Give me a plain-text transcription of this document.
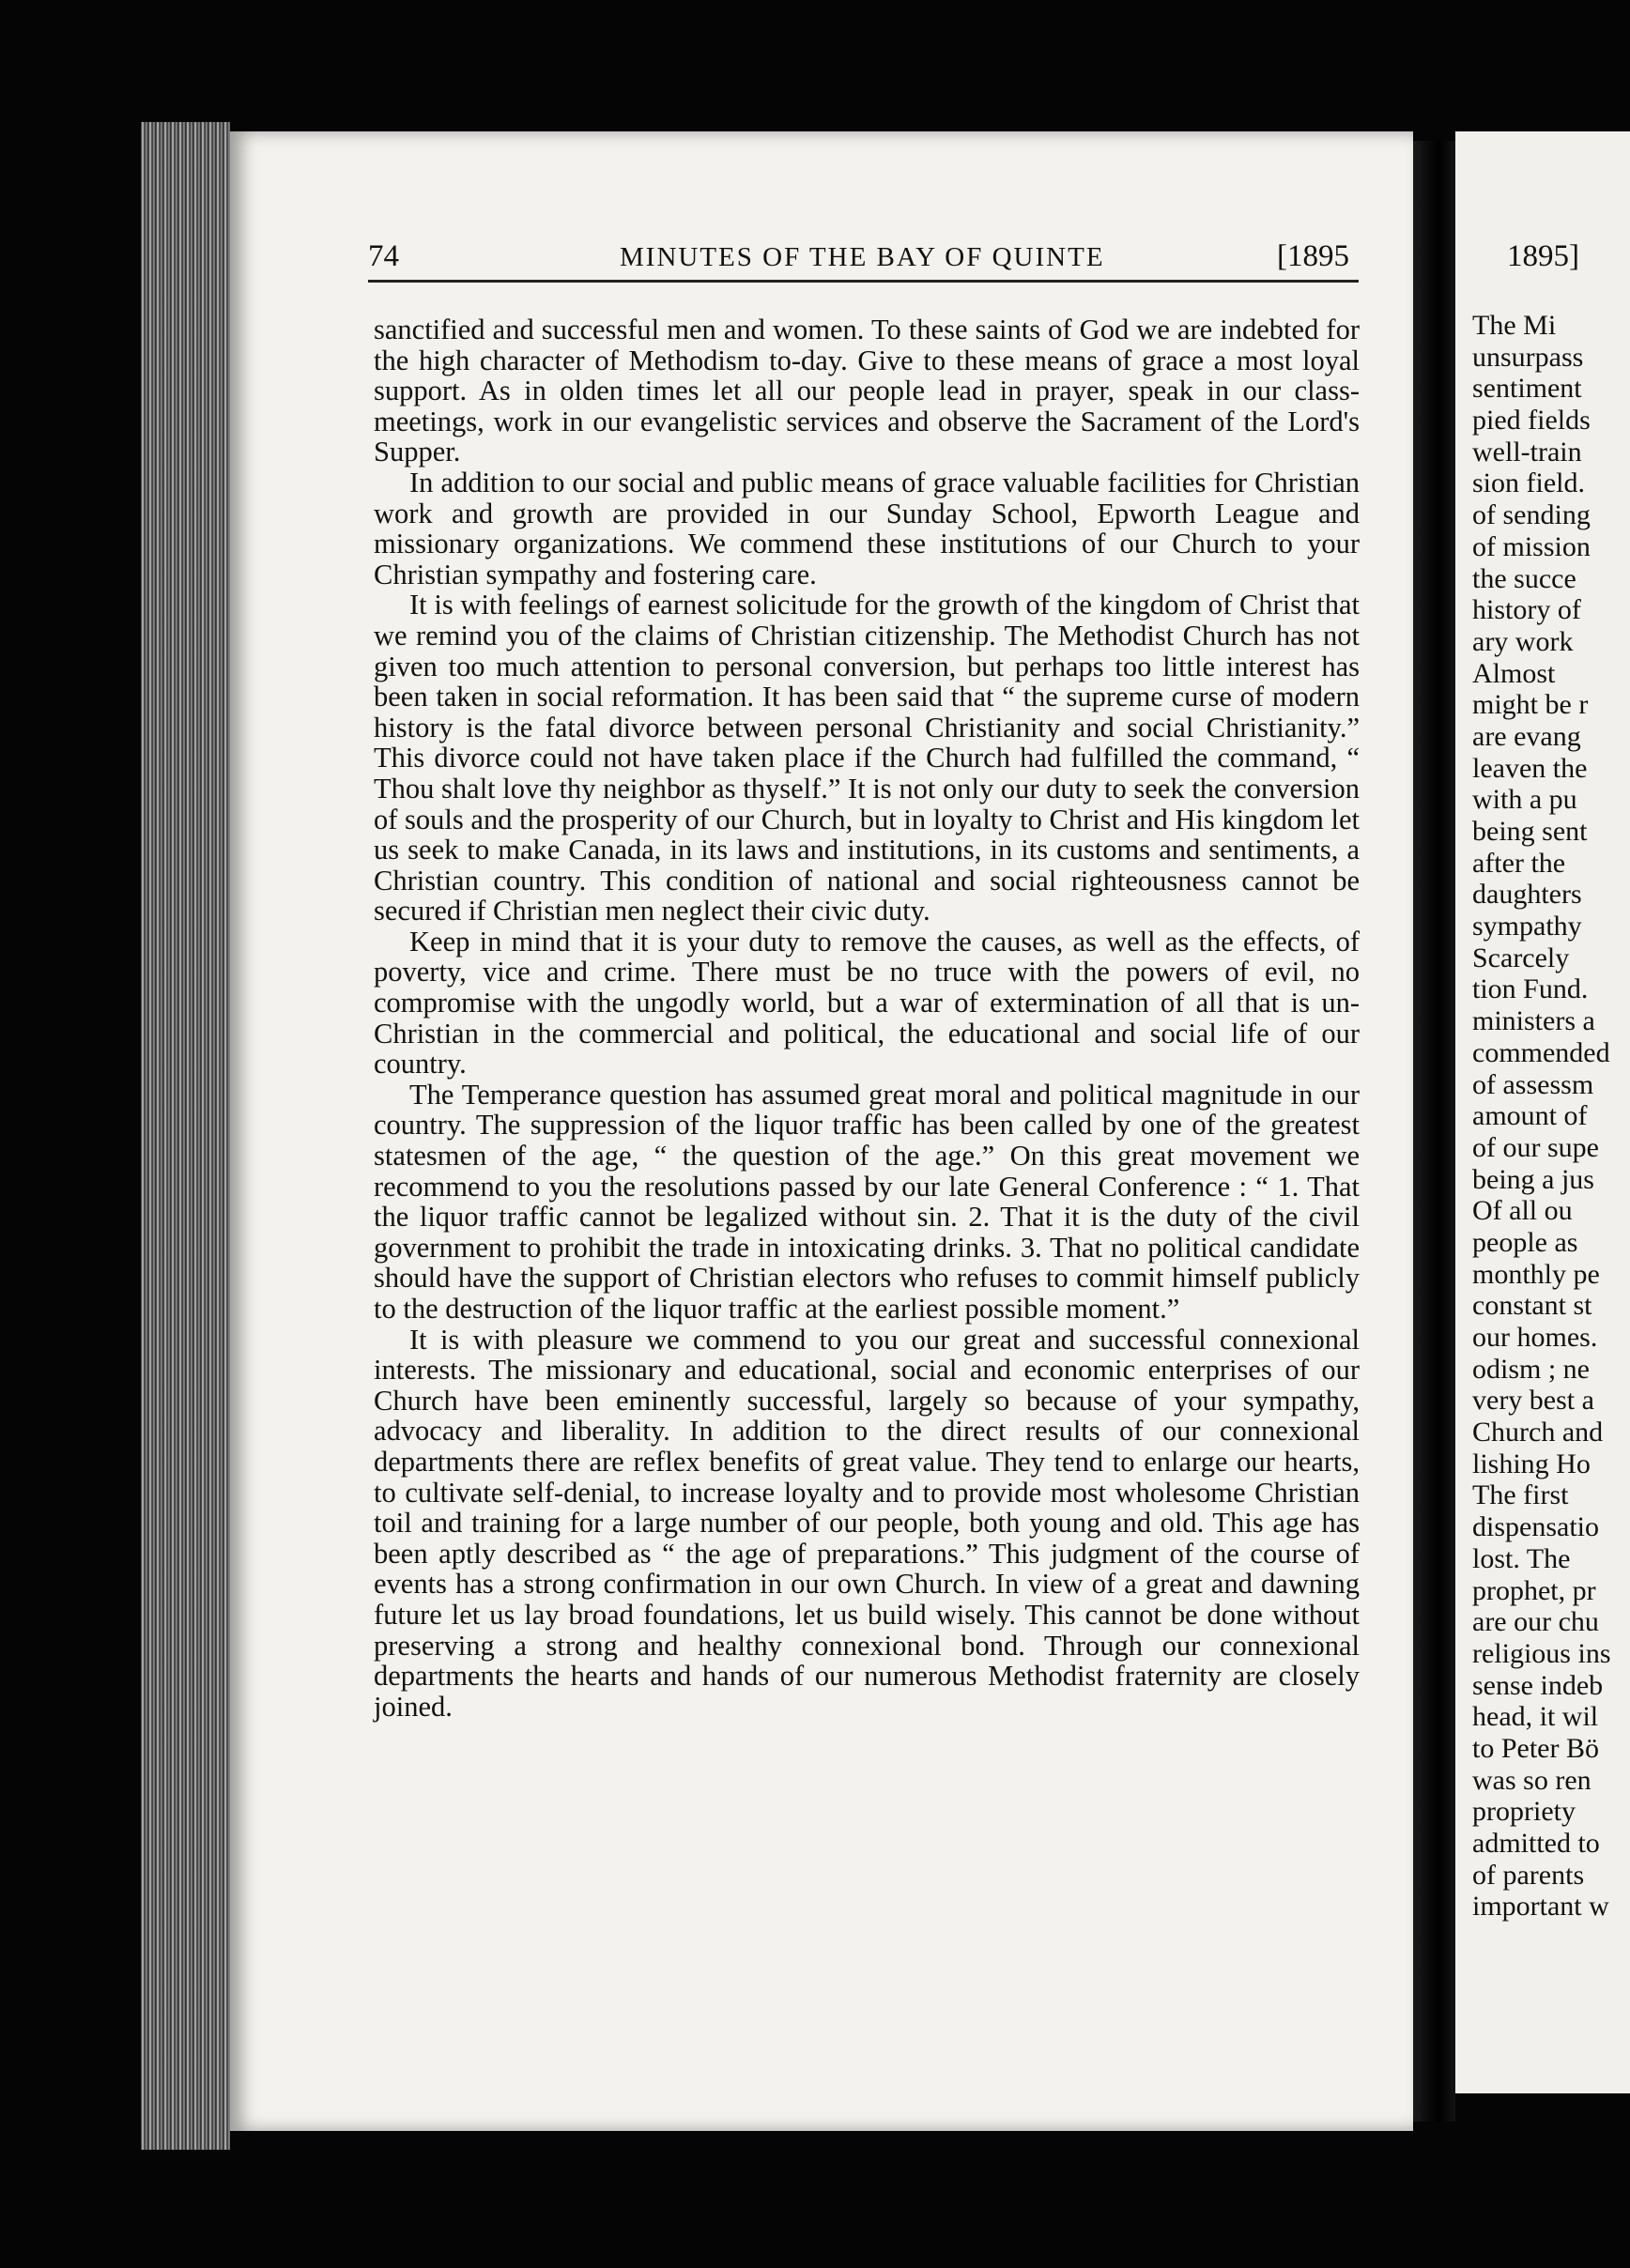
74	MINUTES OF THE BAY OF QUINTE	[1895

sanctified and successful men and women. To these saints of God we are indebted for the high character of Methodism to-day. Give to these means of grace a most loyal support. As in olden times let all our people lead in prayer, speak in our class-meetings, work in our evangelistic services and observe the Sacrament of the Lord's Supper.

In addition to our social and public means of grace valuable facilities for Christian work and growth are provided in our Sunday School, Epworth League and missionary organizations. We commend these institutions of our Church to your Christian sympathy and fostering care.

It is with feelings of earnest solicitude for the growth of the kingdom of Christ that we remind you of the claims of Christian citizenship. The Methodist Church has not given too much attention to personal conversion, but perhaps too little interest has been taken in social reformation. It has been said that “ the supreme curse of modern history is the fatal divorce between personal Christianity and social Christianity.” This divorce could not have taken place if the Church had fulfilled the command, “ Thou shalt love thy neighbor as thyself.” It is not only our duty to seek the conversion of souls and the prosperity of our Church, but in loyalty to Christ and His kingdom let us seek to make Canada, in its laws and institutions, in its customs and sentiments, a Christian country. This condition of national and social righteousness cannot be secured if Christian men neglect their civic duty.

Keep in mind that it is your duty to remove the causes, as well as the effects, of poverty, vice and crime. There must be no truce with the powers of evil, no compromise with the ungodly world, but a war of extermination of all that is un-Christian in the commercial and political, the educational and social life of our country.

The Temperance question has assumed great moral and political magnitude in our country. The suppression of the liquor traffic has been called by one of the greatest statesmen of the age, “ the question of the age.” On this great movement we recommend to you the resolutions passed by our late General Conference : “ 1. That the liquor traffic cannot be legalized without sin. 2. That it is the duty of the civil government to prohibit the trade in intoxicating drinks. 3. That no political candidate should have the support of Christian electors who refuses to commit himself publicly to the destruction of the liquor traffic at the earliest possible moment.”

It is with pleasure we commend to you our great and successful connexional interests. The missionary and educational, social and economic enterprises of our Church have been eminently successful, largely so because of your sympathy, advocacy and liberality. In addition to the direct results of our connexional departments there are reflex benefits of great value. They tend to enlarge our hearts, to cultivate self-denial, to increase loyalty and to provide most wholesome Christian toil and training for a large number of our people, both young and old. This age has been aptly described as “ the age of preparations.” This judgment of the course of events has a strong confirmation in our own Church. In view of a great and dawning future let us lay broad foundations, let us build wisely. This cannot be done without preserving a strong and healthy connexional bond. Through our connexional departments the hearts and hands of our numerous Methodist fraternity are closely joined.

1895]
The Mi
unsurpass
sentiment
pied fields
well-train
sion field.
of sending
of mission
the succe
history of
ary work
Almost
might be r
are evang
leaven the
with a pu
being sent
after the
daughters
sympathy
Scarcely
tion Fund.
ministers a
commended
of assessm
amount of
of our supe
being a jus
Of all ou
people as
monthly pe
constant st
our homes.
odism ; ne
very best a
Church and
lishing Ho
The first
dispensatio
lost. The
prophet, pr
are our chu
religious ins
sense indeb
head, it wil
to Peter Bö
was so ren
propriety
admitted to
of parents
important w
